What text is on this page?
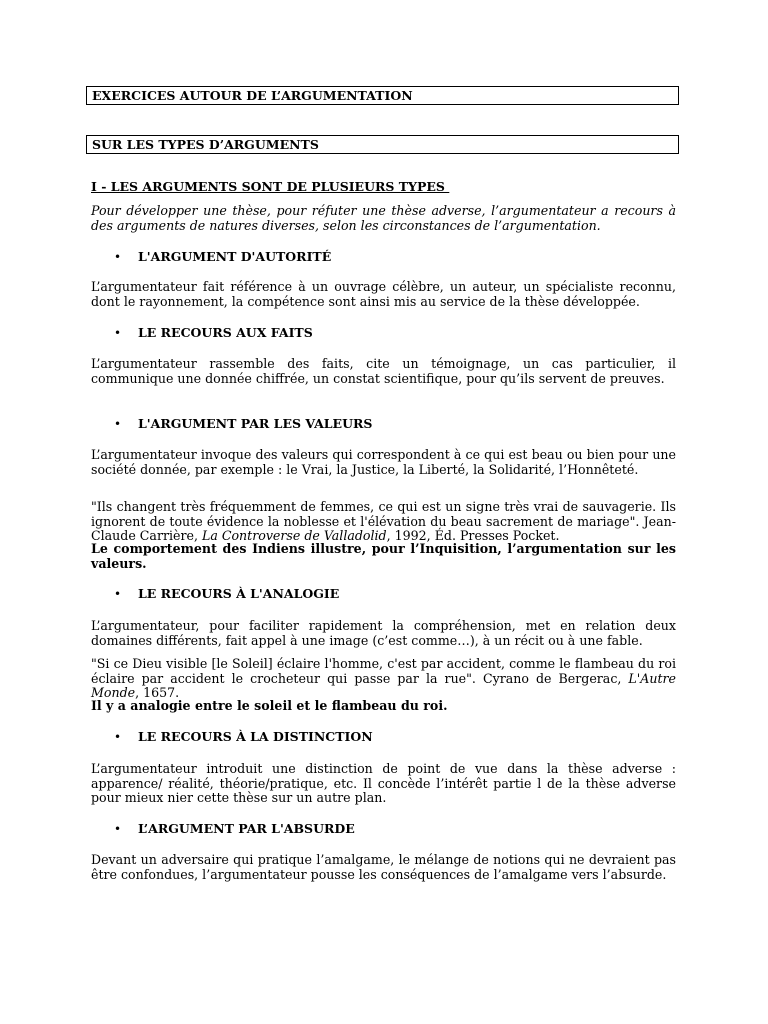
EXERCICES AUTOUR DE L’ARGUMENTATION
SUR LES TYPES D’ARGUMENTS
I - LES ARGUMENTS SONT DE PLUSIEURS TYPES
Pour développer une thèse, pour réfuter une thèse adverse, l’argumentateur a recours à des arguments de natures diverses, selon les circonstances de l’argumentation.
• L'ARGUMENT D'AUTORITÉ
L’argumentateur fait référence à un ouvrage célèbre, un auteur, un spécialiste reconnu, dont le rayonnement, la compétence sont ainsi mis au service de la thèse développée.
• LE RECOURS AUX FAITS
L’argumentateur rassemble des faits, cite un témoignage, un cas particulier, il communique une donnée chiffrée, un constat scientifique, pour qu’ils servent de preuves.
• L'ARGUMENT PAR LES VALEURS
L’argumentateur invoque des valeurs qui correspondent à ce qui est beau ou bien pour une société donnée, par exemple : le Vrai, la Justice, la Liberté, la Solidarité, l’Honnêteté.
"Ils changent très fréquemment de femmes, ce qui est un signe très vrai de sauvagerie. Ils ignorent de toute évidence la noblesse et l'élévation du beau sacrement de mariage". Jean-Claude Carrière, La Controverse de Valladolid, 1992, Éd. Presses Pocket.
Le comportement des Indiens illustre, pour l’Inquisition, l’argumentation sur les valeurs.
• LE RECOURS À L'ANALOGIE
L’argumentateur, pour faciliter rapidement la compréhension, met en relation deux domaines différents, fait appel à une image (c’est comme…), à un récit ou à une fable.
"Si ce Dieu visible [le Soleil] éclaire l'homme, c'est par accident, comme le flambeau du roi éclaire par accident le crocheteur qui passe par la rue". Cyrano de Bergerac, L'Autre Monde, 1657.
Il y a analogie entre le soleil et le flambeau du roi.
• LE RECOURS À LA DISTINCTION
L’argumentateur introduit une distinction de point de vue dans la thèse adverse : apparence/ réalité, théorie/pratique, etc. Il concède l’intérêt partie l de la thèse adverse pour mieux nier cette thèse sur un autre plan.
• L’ARGUMENT PAR L'ABSURDE
Devant un adversaire qui pratique l’amalgame, le mélange de notions qui ne devraient pas être confondues, l’argumentateur pousse les conséquences de l’amalgame vers l’absurde.
